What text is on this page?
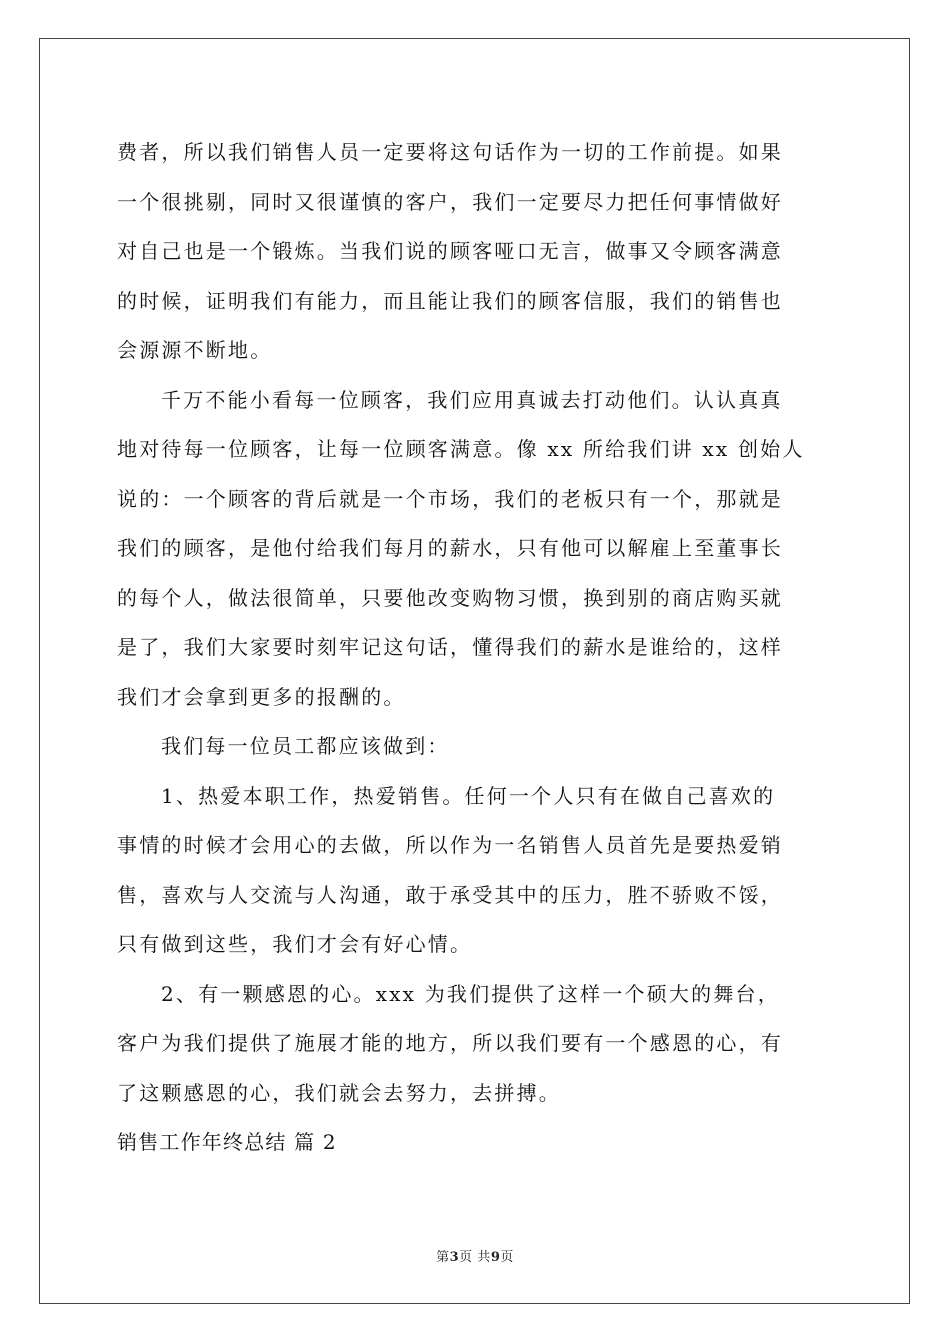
费者，所以我们销售人员一定要将这句话作为一切的工作前提。如果
一个很挑剔，同时又很谨慎的客户，我们一定要尽力把任何事情做好
对自己也是一个锻炼。当我们说的顾客哑口无言，做事又令顾客满意
的时候，证明我们有能力，而且能让我们的顾客信服，我们的销售也
会源源不断地。
千万不能小看每一位顾客，我们应用真诚去打动他们。认认真真
地对待每一位顾客，让每一位顾客满意。像 xx 所给我们讲 xx 创始人
说的：一个顾客的背后就是一个市场，我们的老板只有一个，那就是
我们的顾客，是他付给我们每月的薪水，只有他可以解雇上至董事长
的每个人，做法很简单，只要他改变购物习惯，换到别的商店购买就
是了，我们大家要时刻牢记这句话，懂得我们的薪水是谁给的，这样
我们才会拿到更多的报酬的。
我们每一位员工都应该做到：
1、热爱本职工作，热爱销售。任何一个人只有在做自己喜欢的
事情的时候才会用心的去做，所以作为一名销售人员首先是要热爱销
售，喜欢与人交流与人沟通，敢于承受其中的压力，胜不骄败不馁，
只有做到这些，我们才会有好心情。
2、有一颗感恩的心。xxx 为我们提供了这样一个硕大的舞台，
客户为我们提供了施展才能的地方，所以我们要有一个感恩的心，有
了这颗感恩的心，我们就会去努力，去拼搏。
销售工作年终总结 篇 2
第3页 共9页
